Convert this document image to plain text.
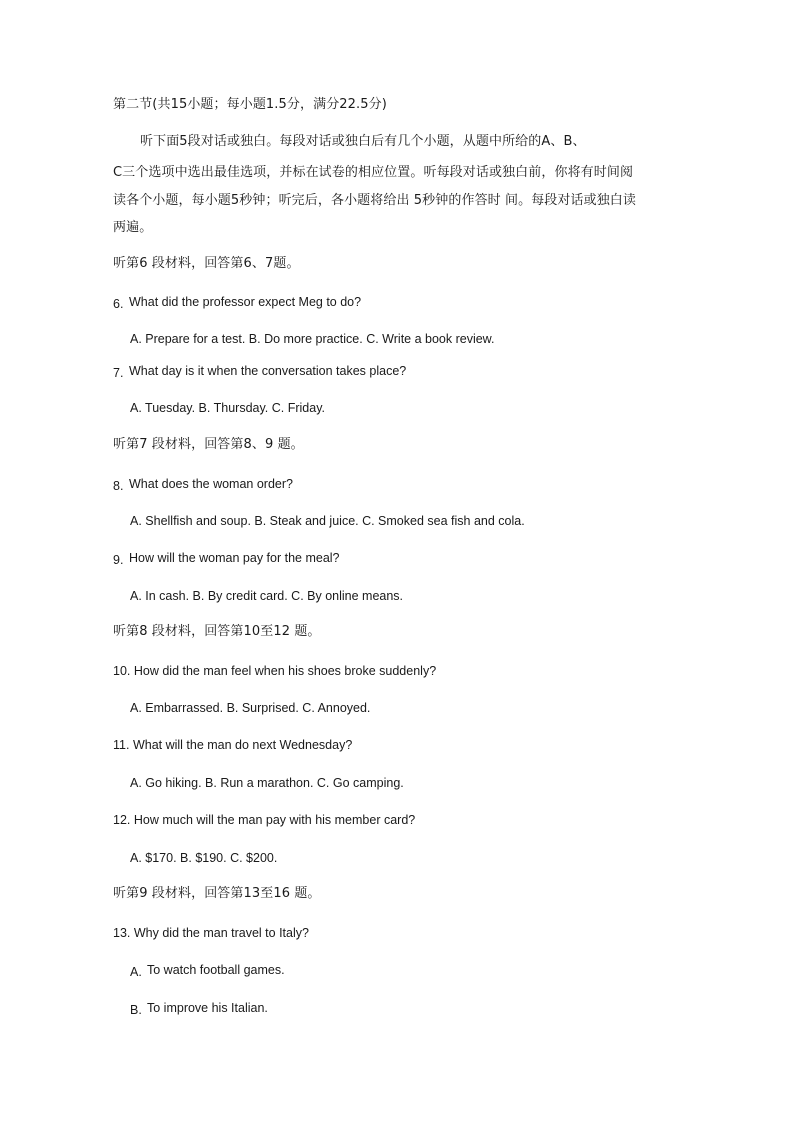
第二节(共15小题；每小题1.5分，满分22.5分)
听下面5段对话或独白。每段对话或独白后有几个小题，从题中所给的A、B、
C三个选项中选出最佳选项，并标在试卷的相应位置。听每段对话或独白前，你将有时间阅
读各个小题，每小题5秒钟；听完后，各小题将给出 5秒钟的作答时 间。每段对话或独白读
两遍。
听第6 段材料，回答第6、7题。
6. What did the professor expect Meg to do?
A. Prepare for a test. B. Do more practice. C. Write a book review.
7. What day is it when the conversation takes place?
A. Tuesday. B. Thursday. C. Friday.
听第7 段材料，回答第8、9 题。
8. What does the woman order?
A. Shellfish and soup. B. Steak and juice. C. Smoked sea fish and cola.
9. How will the woman pay for the meal?
A. In cash. B. By credit card. C. By online means.
听第8 段材料，回答第10至12 题。
10. How did the man feel when his shoes broke suddenly?
A. Embarrassed. B. Surprised. C. Annoyed.
11. What will the man do next Wednesday?
A. Go hiking. B. Run a marathon. C. Go camping.
12. How much will the man pay with his member card?
A. $170. B. $190. C. $200.
听第9 段材料，回答第13至16 题。
13. Why did the man travel to Italy?
A. To watch football games.
B. To improve his Italian.
